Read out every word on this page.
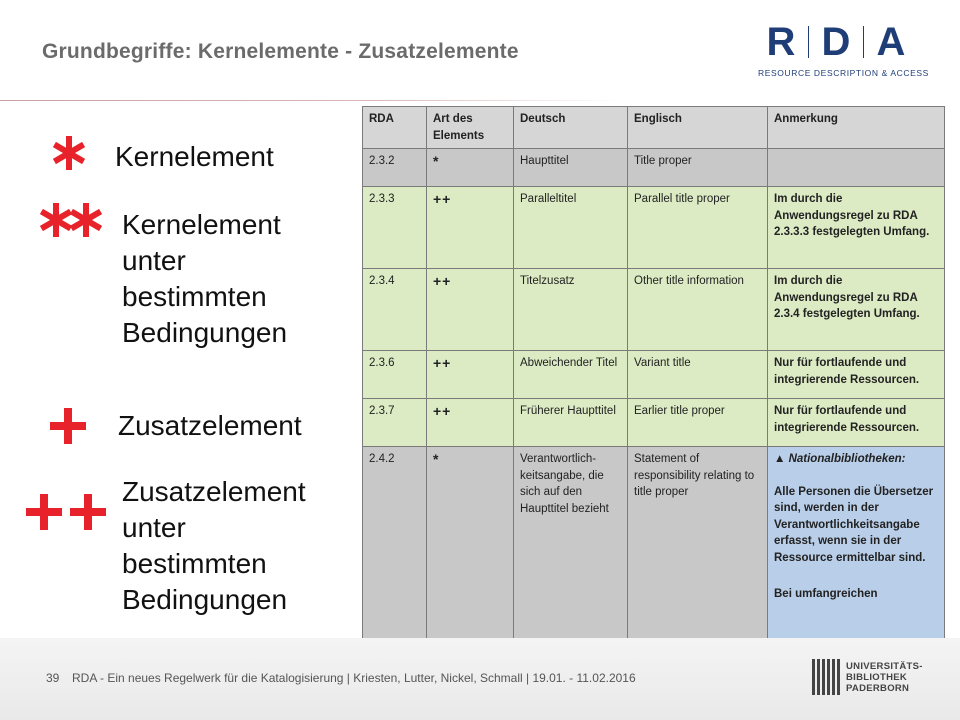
Grundbegriffe: Kernelemente - Zusatzelemente	R D A
RESOURCE DESCRIPTION & ACCESS
Kernelement
Kernelement
unter
bestimmten
Bedingungen
Zusatzelement
Zusatzelement
unter
bestimmten
Bedingungen
RDA	Art des Elements	Deutsch	Englisch	Anmerkung
2.3.2	*	Haupttitel	Title proper	
2.3.3	++	Paralleltitel	Parallel title proper	Im durch die Anwendungsregel zu RDA 2.3.3.3 festgelegten Umfang.
2.3.4	++	Titelzusatz	Other title information	Im durch die Anwendungsregel zu RDA 2.3.4 festgelegten Umfang.
2.3.6	++	Abweichender Titel	Variant title	Nur für fortlaufende und integrierende Ressourcen.
2.3.7	++	Früherer Haupttitel	Earlier title proper	Nur für fortlaufende und integrierende Ressourcen.
2.4.2	*	Verantwortlich-keitsangabe, die sich auf den Haupttitel bezieht	Statement of responsibility relating to title proper	▲ Nationalbibliotheken:
Alle Personen die Übersetzer sind, werden in der Verantwortlichkeitsangabe erfasst, wenn sie in der Ressource ermittelbar sind.
Bei umfangreichen
39 RDA - Ein neues Regelwerk für die Katalogisierung | Kriesten, Lutter, Nickel, Schmall | 19.01. - 11.02.2016
UNIVERSITÄTS-
BIBLIOTHEK
PADERBORN
